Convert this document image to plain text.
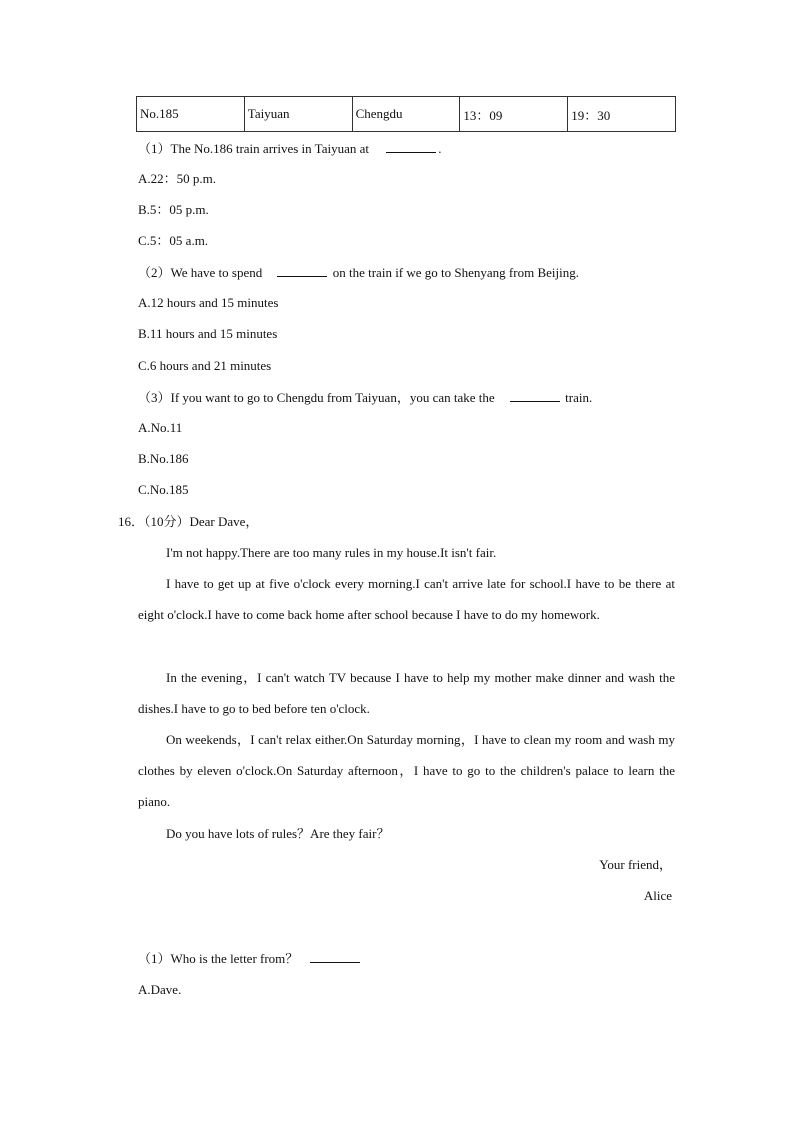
No.185	Taiyuan	Chengdu	13：09	19：30
（1）The No.186 train arrives in Taiyuan at	.
A.22：50 p.m.
B.5：05 p.m.
C.5：05 a.m.
（2）We have to spend	on the train if we go to Shenyang from Beijing.
A.12 hours and 15 minutes
B.11 hours and 15 minutes
C.6 hours and 21 minutes
（3）If you want to go to Chengdu from Taiyuan，you can take the	train.
A.No.11
B.No.186
C.No.185
16．（10分）Dear Dave，
I'm not happy.There are too many rules in my house.It isn't fair.
I have to get up at five o'clock every morning.I can't arrive late for school.I have to be there at eight o'clock.I have to come back home after school because I have to do my homework.
In the evening，I can't watch TV because I have to help my mother make dinner and wash the dishes.I have to go to bed before ten o'clock.
On weekends，I can't relax either.On Saturday morning，I have to clean my room and wash my clothes by eleven o'clock.On Saturday afternoon，I have to go to the children's palace to learn the piano.
Do you have lots of rules？Are they fair？
Your friend，
Alice
（1）Who is the letter from？
A.Dave.
